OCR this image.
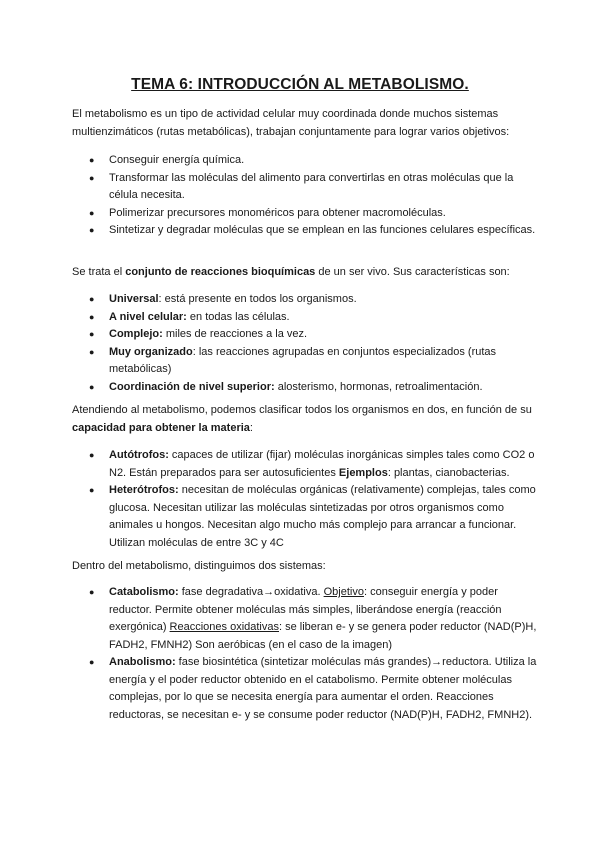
TEMA 6: INTRODUCCIÓN AL METABOLISMO.

El metabolismo es un tipo de actividad celular muy coordinada donde muchos sistemas multienzimáticos (rutas metabólicas), trabajan conjuntamente para lograr varios objetivos:

● Conseguir energía química.
● Transformar las moléculas del alimento para convertirlas en otras moléculas que la célula necesita.
● Polimerizar precursores monoméricos para obtener macromoléculas.
● Sintetizar y degradar moléculas que se emplean en las funciones celulares específicas.

Se trata el conjunto de reacciones bioquímicas de un ser vivo. Sus características son:

● Universal: está presente en todos los organismos.
● A nivel celular: en todas las células.
● Complejo: miles de reacciones a la vez.
● Muy organizado: las reacciones agrupadas en conjuntos especializados (rutas metabólicas)
● Coordinación de nivel superior: alosterismo, hormonas, retroalimentación.

Atendiendo al metabolismo, podemos clasificar todos los organismos en dos, en función de su capacidad para obtener la materia:

● Autótrofos: capaces de utilizar (fijar) moléculas inorgánicas simples tales como CO2 o N2. Están preparados para ser autosuficientes Ejemplos: plantas, cianobacterias.
● Heterótrofos: necesitan de moléculas orgánicas (relativamente) complejas, tales como glucosa. Necesitan utilizar las moléculas sintetizadas por otros organismos como animales u hongos. Necesitan algo mucho más complejo para arrancar a funcionar. Utilizan moléculas de entre 3C y 4C

Dentro del metabolismo, distinguimos dos sistemas:

● Catabolismo: fase degradativa→oxidativa. Objetivo: conseguir energía y poder reductor. Permite obtener moléculas más simples, liberándose energía (reacción exergónica) Reacciones oxidativas: se liberan e- y se genera poder reductor (NAD(P)H, FADH2, FMNH2) Son aeróbicas (en el caso de la imagen)
● Anabolismo: fase biosintética (sintetizar moléculas más grandes)→reductora. Utiliza la energía y el poder reductor obtenido en el catabolismo. Permite obtener moléculas complejas, por lo que se necesita energía para aumentar el orden. Reacciones reductoras, se necesitan e- y se consume poder reductor (NAD(P)H, FADH2, FMNH2).
